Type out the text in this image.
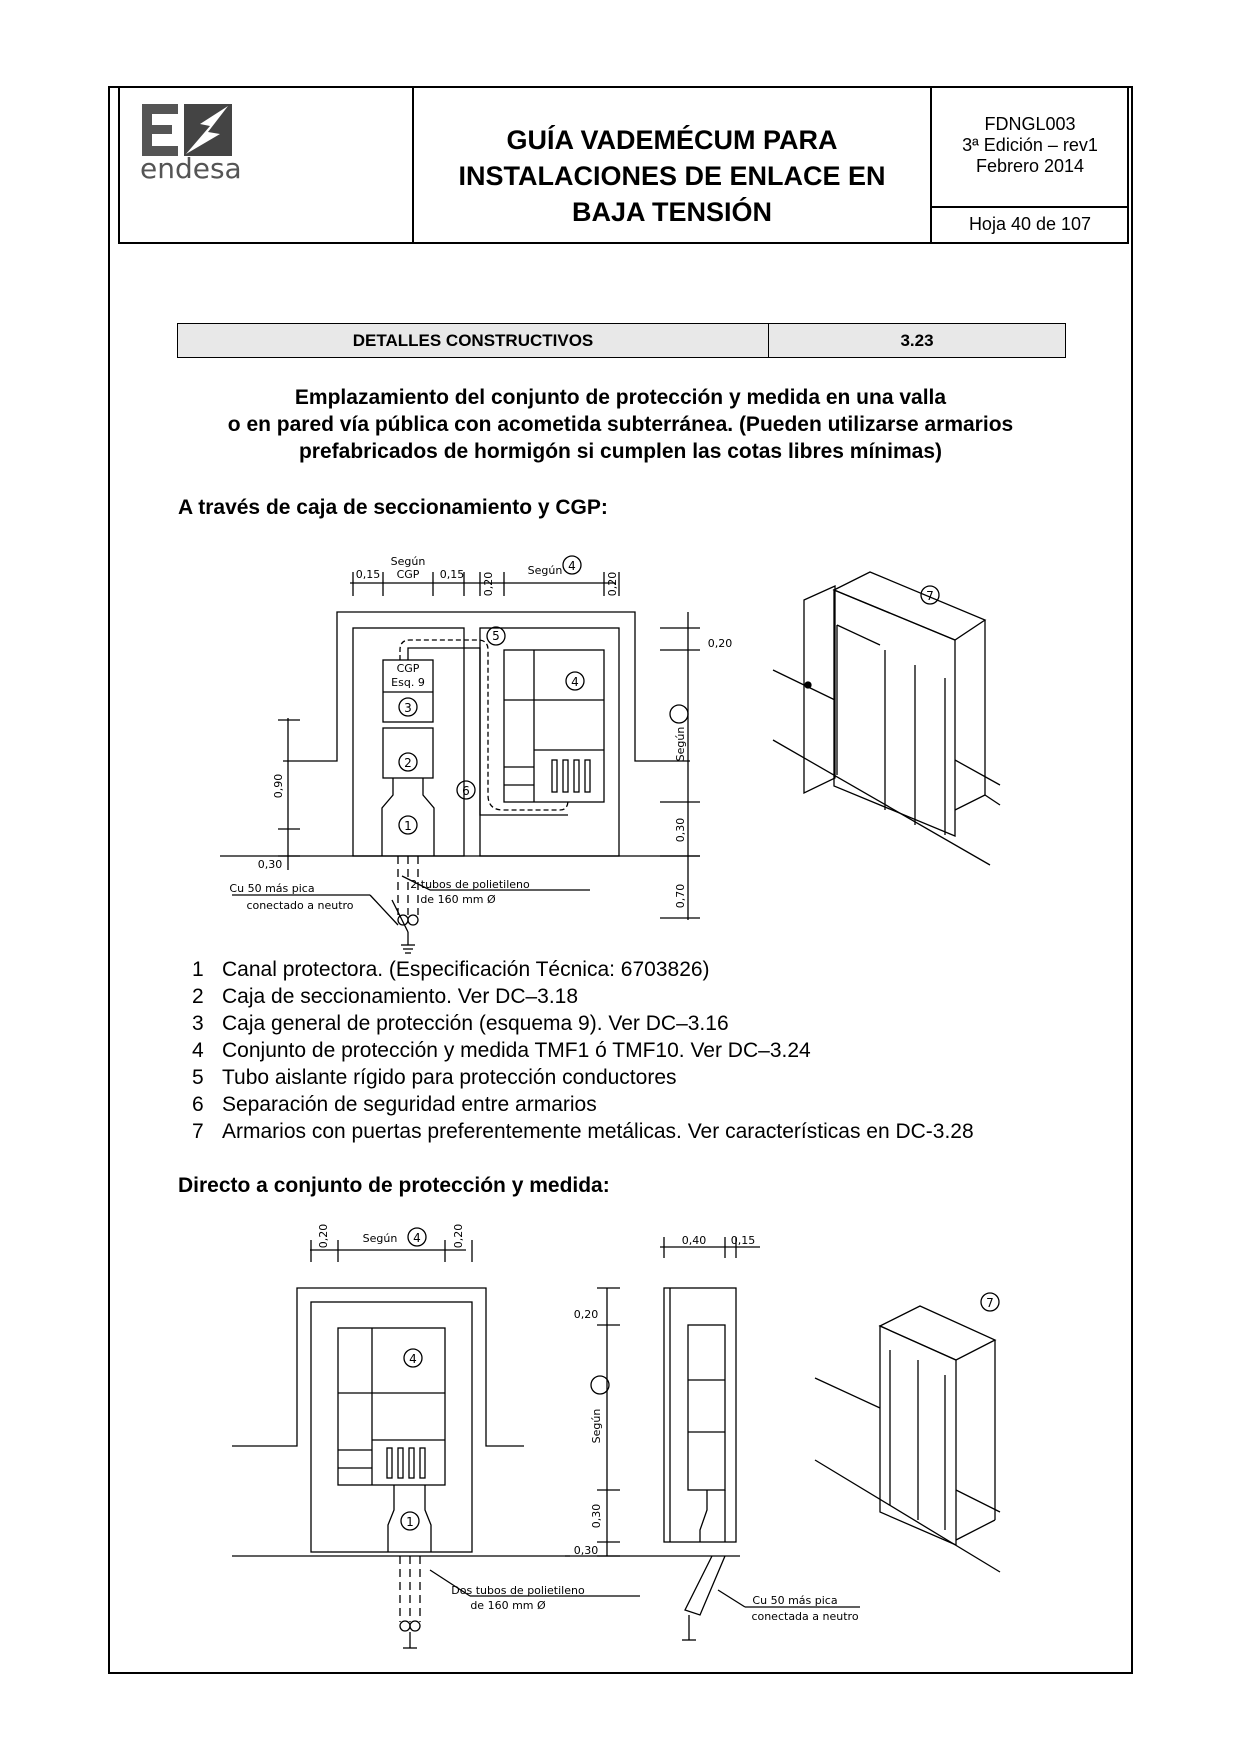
endesa
GUÍA VADEMÉCUM PARA
INSTALACIONES DE ENLACE EN
BAJA TENSIÓN
FDNGL003
3ª Edición – rev1
Febrero 2014
Hoja 40 de 107
DETALLES CONSTRUCTIVOS	3.23
Emplazamiento del conjunto de protección y medida en una valla
o en pared vía pública con acometida subterránea. (Pueden utilizarse armarios
prefabricados de hormigón si cumplen las cotas libres mínimas)
A través de caja de seccionamiento y CGP:
5
4
3
2
1
6
4
7
CGP
Esq. 9
Según
CGP
0,15	0,15	Según
0,20
0,30
2 tubos de polietileno
de 160 mm Ø
Cu 50 más pica
conectado a neutro
0,90
0,20	0,20
Según
0,30
0,70
1 Canal protectora. (Especificación Técnica: 6703826)
2 Caja de seccionamiento. Ver DC–3.18
3 Caja general de protección (esquema 9). Ver DC–3.16
4 Conjunto de protección y medida TMF1 ó TMF10. Ver DC–3.24
5 Tubo aislante rígido para protección conductores
6 Separación de seguridad entre armarios
7 Armarios con puertas preferentemente metálicas. Ver características en DC-3.28
Directo a conjunto de protección y medida:
4
4
1
7
Según	0,40 0,15
0,20
0,30
Dos tubos de polietileno
de 160 mm Ø	Cu 50 más pica
conectada a neutro
0,20	0,20
Según
0,30
